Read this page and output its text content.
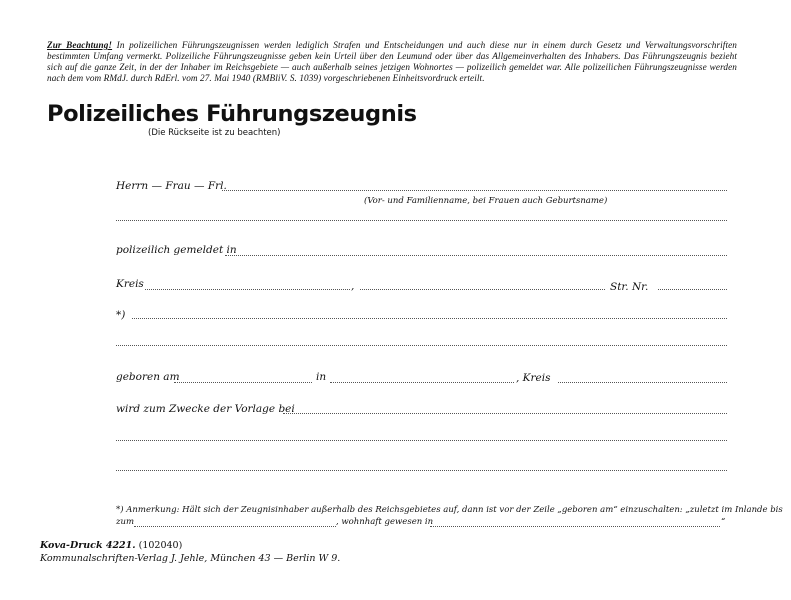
Zur Beachtung! In polizeilichen Führungszeugnissen werden lediglich Strafen und Entscheidungen und auch diese nur in einem durch Gesetz und Verwaltungsvorschriften bestimmten Umfang vermerkt. Polizeiliche Führungszeugnisse geben kein Urteil über den Leumund oder über das Allgemeinverhalten des Inhabers. Das Führungszeugnis bezieht sich auf die ganze Zeit, in der der Inhaber im Reichsgebiete — auch außerhalb seines jetzigen Wohnortes — polizeilich gemeldet war. Alle polizeilichen Führungszeugnisse werden nach dem vom RMdJ. durch RdErl. vom 27. Mai 1940 (RMBliV. S. 1039) vorgeschriebenen Einheitsvordruck erteilt.
Polizeiliches Führungszeugnis
(Die Rückseite ist zu beachten)
Herrn — Frau — Frl.
(Vor- und Familienname, bei Frauen auch Geburtsname)
polizeilich gemeldet in
Kreis	,	Str. Nr.
*)
geboren am	in	, Kreis
wird zum Zwecke der Vorlage bei
*) Anmerkung: Hält sich der Zeugnisinhaber außerhalb des Reichsgebietes auf, dann ist vor der Zeile „geboren am“ einzuschalten: „zuletzt im Inlande bis
zum	, wohnhaft gewesen in	“
Kova-Druck 4221. (102040)
Kommunalschriften-Verlag J. Jehle, München 43 — Berlin W 9.
